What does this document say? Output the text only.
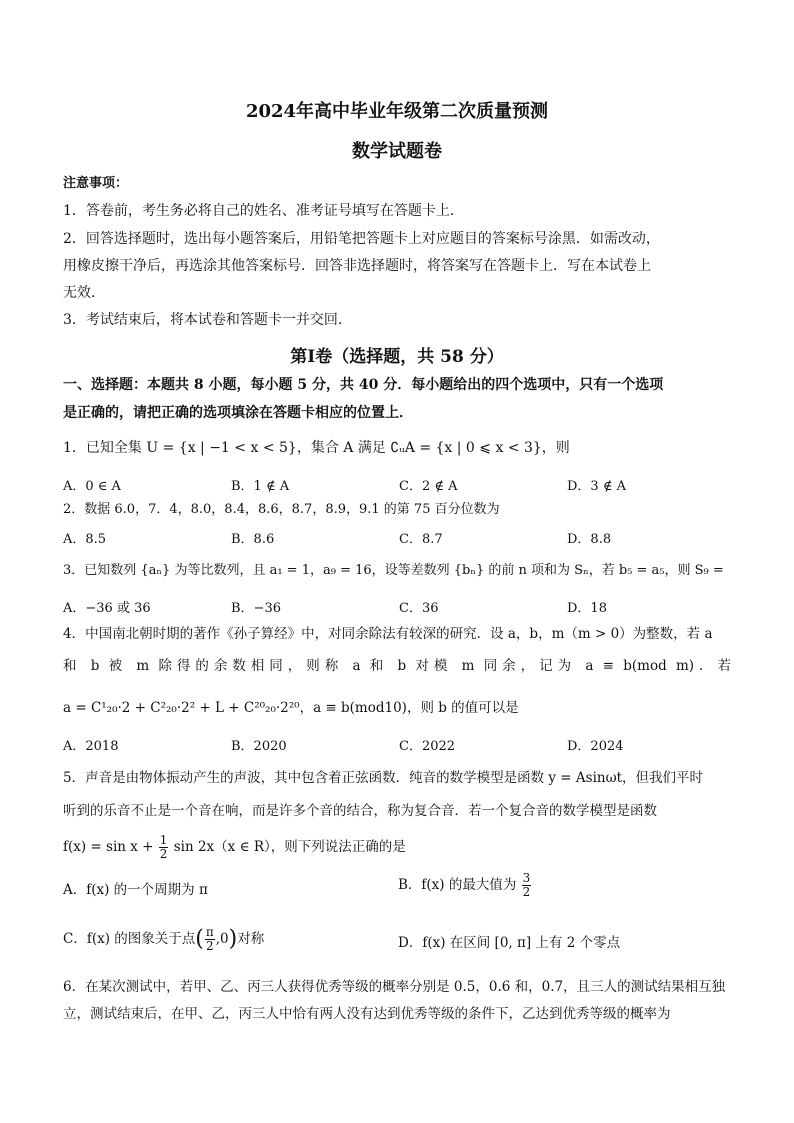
2024年高中毕业年级第二次质量预测
数学试题卷
注意事项：
1．答卷前，考生务必将自己的姓名、准考证号填写在答题卡上．
2．回答选择题时，选出每小题答案后，用铅笔把答题卡上对应题目的答案标号涂黑．如需改动，
用橡皮擦干净后，再选涂其他答案标号．回答非选择题时，将答案写在答题卡上．写在本试卷上
无效．
3．考试结束后，将本试卷和答题卡一并交回．
第Ⅰ卷（选择题，共 58 分）
一、选择题：本题共 8 小题，每小题 5 分，共 40 分．每小题给出的四个选项中，只有一个选项
是正确的，请把正确的选项填涂在答题卡相应的位置上．
1．已知全集 U = {x | −1 < x < 5}，集合 A 满足 ∁ᵤA = {x | 0 ⩽ x < 3}，则
A．0 ∈ A	B．1 ∉ A	C．2 ∉ A	D．3 ∉ A
2．数据 6.0，7．4，8.0，8.4，8.6，8.7，8.9，9.1 的第 75 百分位数为
A．8.5	B．8.6	C．8.7	D．8.8
3．已知数列 {aₙ} 为等比数列，且 a₁ = 1，a₉ = 16，设等差数列 {bₙ} 的前 n 项和为 Sₙ，若 b₅ = a₅，则 S₉ =
A．−36 或 36	B．−36	C．36	D．18
4．中国南北朝时期的著作《孙子算经》中，对同余除法有较深的研究．设 a，b，m（m > 0）为整数，若 a
和 b 被 m 除得的余数相同，则称 a 和 b 对模 m 同余，记为 a ≡ b(mod m)．若
a = C¹₂₀·2 + C²₂₀·2² + L + C²⁰₂₀·2²⁰，a ≡ b(mod10)，则 b 的值可以是
A．2018	B．2020	C．2022	D．2024
5．声音是由物体振动产生的声波，其中包含着正弦函数．纯音的数学模型是函数 y = Asinωt，但我们平时
听到的乐音不止是一个音在响，而是许多个音的结合，称为复合音．若一个复合音的数学模型是函数
$f(x) = \sin x + \frac{1}{2}$ sin 2x（x ∈ R），则下列说法正确的是
A．f(x) 的一个周期为 π	B．f(x) 的最大值为 $\frac{3}{2}$
C．f(x) 的图象关于点( $\frac{\pi}{2} ,0$)对称	D．f(x) 在区间 [0, π] 上有 2 个零点
6．在某次测试中，若甲、乙、丙三人获得优秀等级的概率分别是 0.5，0.6 和，0.7，且三人的测试结果相互独
立，测试结束后，在甲、乙，丙三人中恰有两人没有达到优秀等级的条件下，乙达到优秀等级的概率为
